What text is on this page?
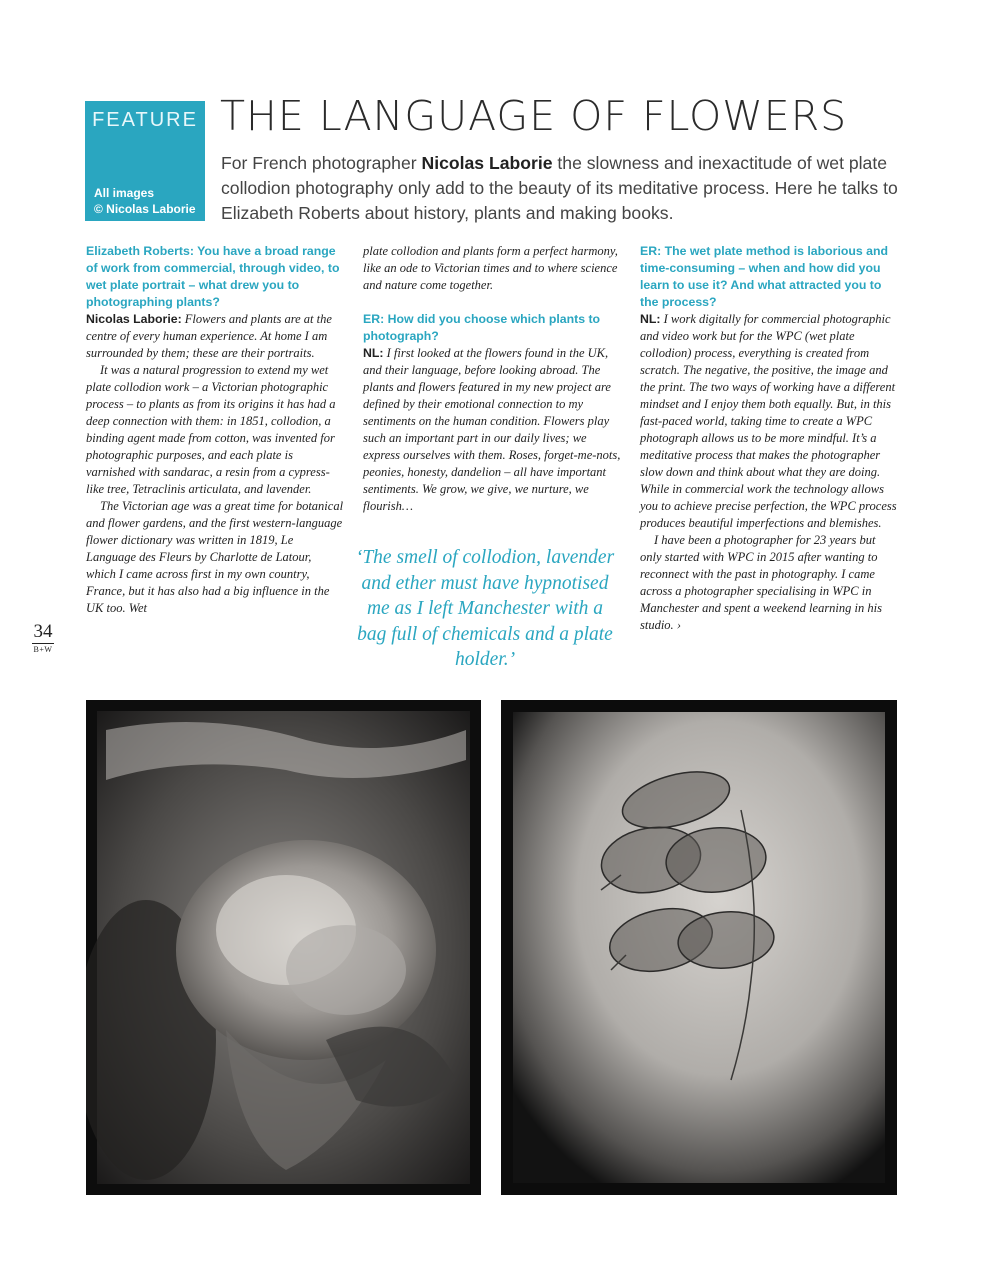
FEATURE
All images
© Nicolas Laborie
THE LANGUAGE OF FLOWERS
For French photographer Nicolas Laborie the slowness and inexactitude of wet plate collodion photography only add to the beauty of its meditative process. Here he talks to Elizabeth Roberts about history, plants and making books.
Elizabeth Roberts: You have a broad range of work from commercial, through video, to wet plate portrait – what drew you to photographing plants?

Nicolas Laborie: Flowers and plants are at the centre of every human experience. At home I am surrounded by them; these are their portraits.

It was a natural progression to extend my wet plate collodion work – a Victorian photographic process – to plants as from its origins it has had a deep connection with them: in 1851, collodion, a binding agent made from cotton, was invented for photographic purposes, and each plate is varnished with sandarac, a resin from a cypress-like tree, Tetraclinis articulata, and lavender.

The Victorian age was a great time for botanical and flower gardens, and the first western-language flower dictionary was written in 1819, Le Language des Fleurs by Charlotte de Latour, which I came across first in my own country, France, but it has also had a big influence in the UK too. Wet

plate collodion and plants form a perfect harmony, like an ode to Victorian times and to where science and nature come together.

ER: How did you choose which plants to photograph?

NL: I first looked at the flowers found in the UK, and their language, before looking abroad. The plants and flowers featured in my new project are defined by their emotional connection to my sentiments on the human condition. Flowers play such an important part in our daily lives; we express ourselves with them. Roses, forget-me-nots, peonies, honesty, dandelion – all have important sentiments. We grow, we give, we nurture, we flourish…

‘The smell of collodion, lavender and ether must have hypnotised me as I left Manchester with a bag full of chemicals and a plate holder.’
ER: The wet plate method is laborious and time-consuming – when and how did you learn to use it? And what attracted you to the process?

NL: I work digitally for commercial photographic and video work but for the WPC (wet plate collodion) process, everything is created from scratch. The negative, the positive, the image and the print. The two ways of working have a different mindset and I enjoy them both equally. But, in this fast-paced world, taking time to create a WPC photograph allows us to be more mindful. It’s a meditative process that makes the photographer slow down and think about what they are doing. While in commercial work the technology allows you to achieve precise perfection, the WPC process produces beautiful imperfections and blemishes.

I have been a photographer for 23 years but only started with WPC in 2015 after wanting to reconnect with the past in photography. I came across a photographer specialising in WPC in Manchester and spent a weekend learning in his studio. ›

34
B+W
